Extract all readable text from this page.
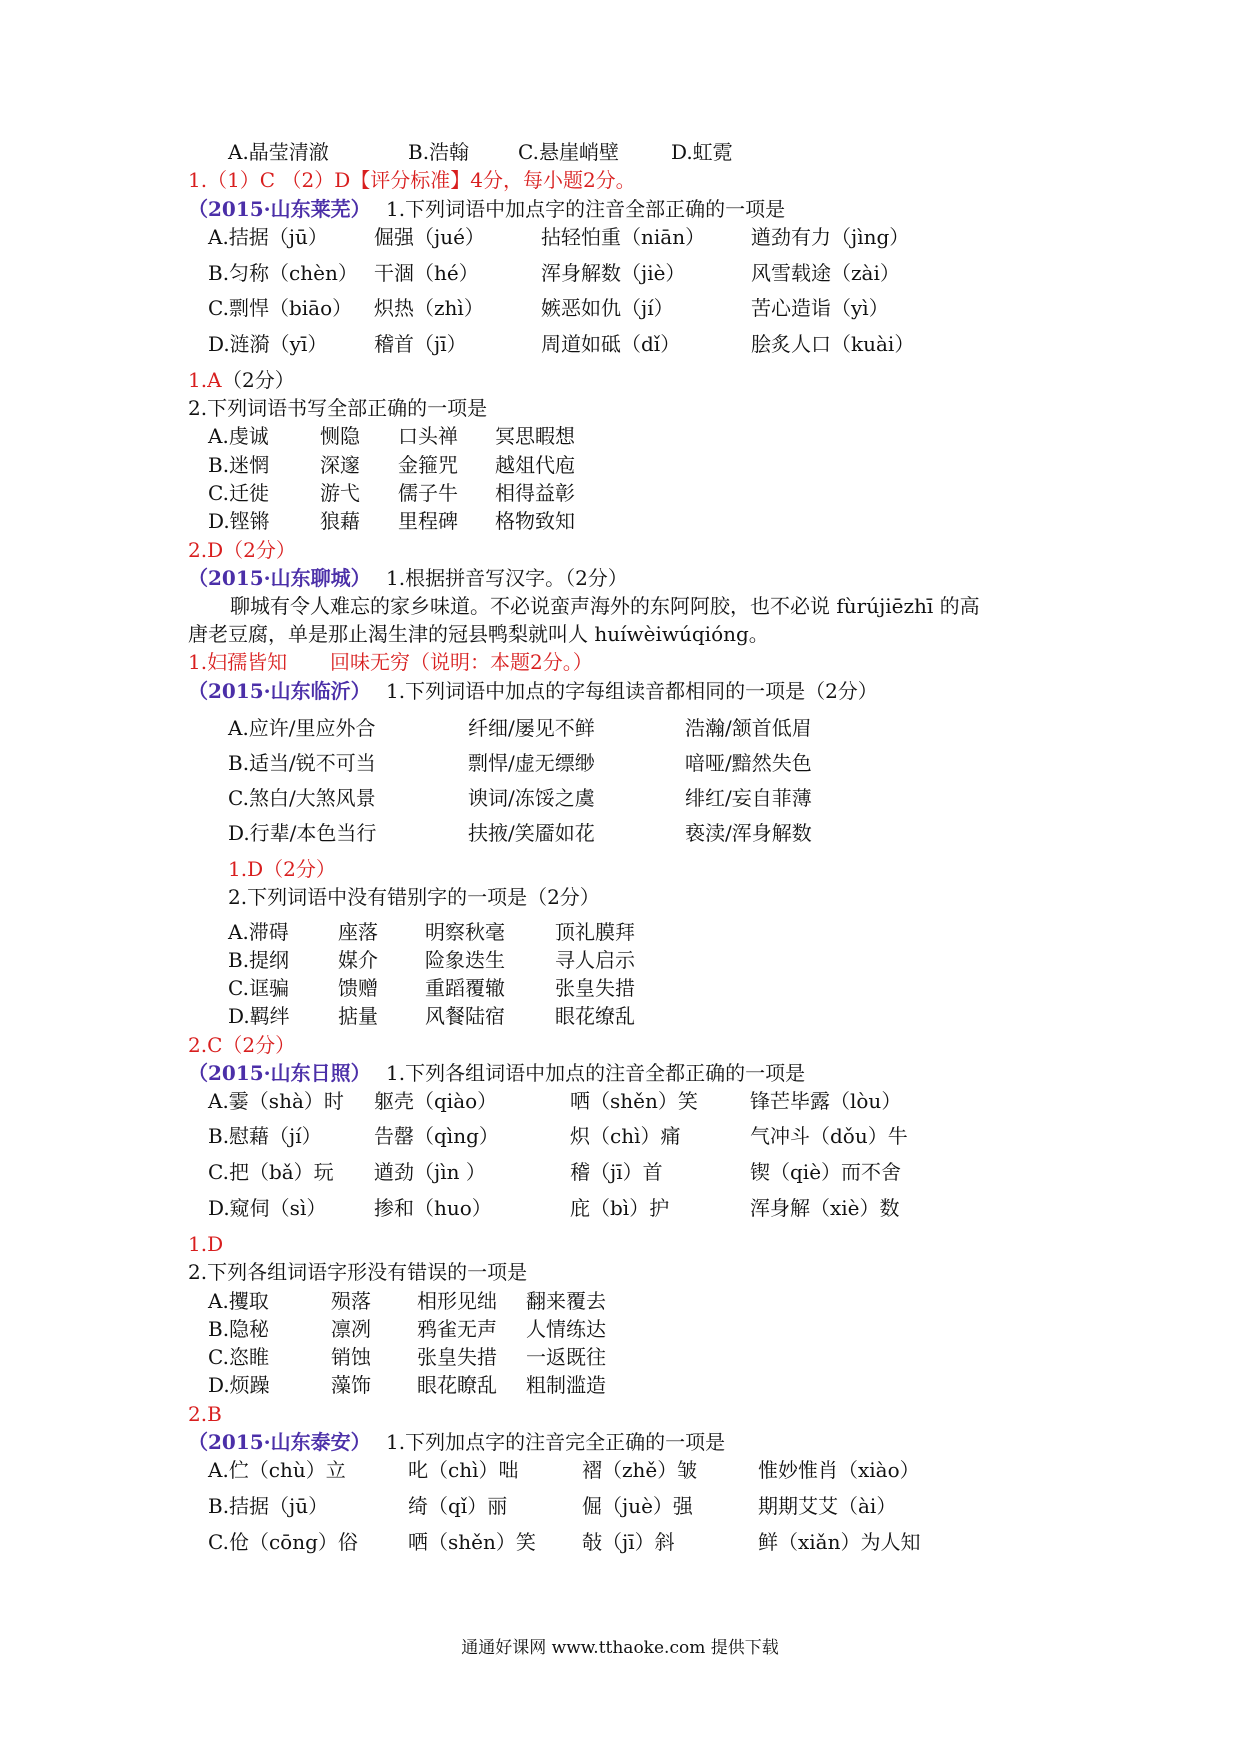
A.晶莹清澈	B.浩翰 C.悬崖峭壁	D.虹霓
1.（1）C （2）D【评分标准】4分，每小题2分。
（2015·山东莱芜） 1.下列词语中加点字的注音全部正确的一项是
A.拮据（jū） 倔强（jué）	拈轻怕重（niān） 遒劲有力（jìng）
B.匀称（chèn） 干涸（hé）	浑身解数（jiè）	风雪载途（zài）
C.剽悍（biāo） 炽热（zhì）	嫉恶如仇（jí）	苦心造诣（yì）
D.涟漪（yī） 稽首（jī）	周道如砥（dǐ）	脍炙人口（kuài）
1.A （2分）
2.下列词语书写全部正确的一项是
A.虔诚	恻隐 口头禅 冥思睱想
B.迷惘	深邃 金箍咒 越俎代庖
C.迁徙	游弋 儒子牛 相得益彰
D.铿锵	狼藉 里程碑 格物致知
2.D（2分）
（2015·山东聊城） 1.根据拼音写汉字。（2分）
聊城有令人难忘的家乡味道。不必说蛮声海外的东阿阿胶，也不必说 fùrújiēzhī 的高
唐老豆腐，单是那止渴生津的冠县鸭梨就叫人 huíwèiwúqióng。
1.妇孺皆知 回味无穷（说明：本题2分。）
（2015·山东临沂） 1.下列词语中加点的字每组读音都相同的一项是（2分）
A.应许/里应外合	纤细/屡见不鲜	浩瀚/颔首低眉
B.适当/锐不可当	剽悍/虚无缥缈	喑哑/黯然失色
C.煞白/大煞风景	谀词/冻馁之虞	绯红/妄自菲薄
D.行辈/本色当行	扶掖/笑靥如花	亵渎/浑身解数
1.D（2分）
2.下列词语中没有错别字的一项是（2分）
A.滞碍 座落 明察秋毫	顶礼膜拜
B.提纲 媒介 险象迭生	寻人启示
C.诓骗 馈赠 重蹈覆辙	张皇失措
D.羁绊 掂量 风餐陆宿	眼花缭乱
2.C（2分）
（2015·山东日照） 1.下列各组词语中加点的注音全都正确的一项是
A.霎（shà）时 躯壳（qiào）	哂（shěn）笑	锋芒毕露（lòu）
B.慰藉（jí）	告罄（qìng）	炽（chì）痛	气冲斗（dǒu）牛
C.把（bǎ）玩 遒劲（jìn ）	稽（jī）首	锲（qiè）而不舍
D.窥伺（sì） 掺和（huo）	庇（bì）护	浑身解（xiè）数
1.D
2.下列各组词语字形没有错误的一项是
A.攫取	殒落 相形见绌 翻来覆去
B.隐秘	凛冽 鸦雀无声 人情练达
C.恣睢	销蚀 张皇失措 一返既往
D.烦躁	藻饰 眼花瞭乱 粗制滥造
2.B
（2015·山东泰安） 1.下列加点字的注音完全正确的一项是
A.伫（chù）立	叱（chì）咄	褶（zhě）皱	惟妙惟肖（xiào）
B.拮据（jū）	绮（qǐ）丽	倔（juè）强	期期艾艾（ài）
C.伧（cōng）俗	哂（shěn）笑 敧（jī）斜	鲜（xiǎn）为人知
通通好课网 www.tthaoke.com 提供下载
